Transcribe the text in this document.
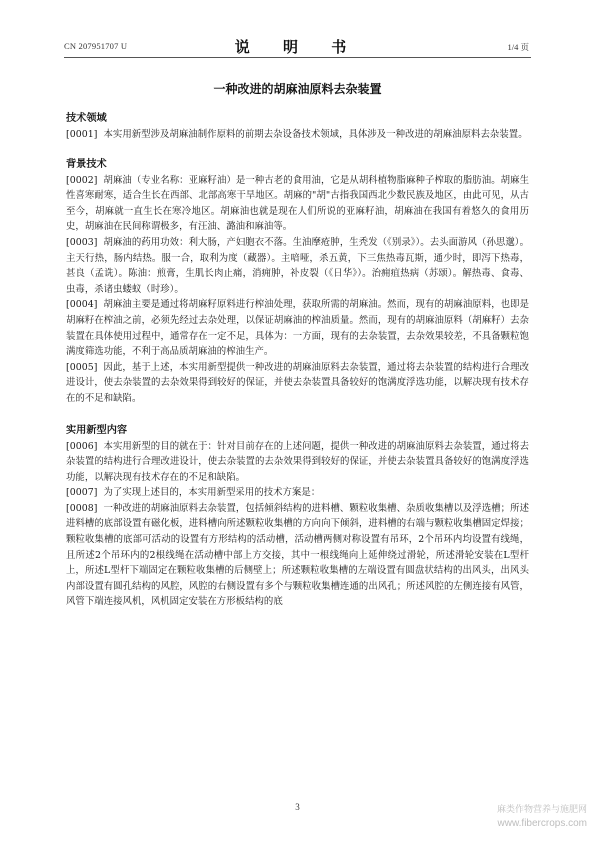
CN 207951707 U	说 明 书	1/4 页
一种改进的胡麻油原料去杂装置
技术领域

[0001] 本实用新型涉及胡麻油制作原料的前期去杂设备技术领域，具体涉及一种改进的胡麻油原料去杂装置。

背景技术

[0002] 胡麻油（专业名称：亚麻籽油）是一种古老的食用油，它是从胡科植物脂麻种子榨取的脂肪油。胡麻生性喜寒耐寒，适合生长在西部、北部高寒干旱地区。胡麻的"胡"古指我国西北少数民族及地区，由此可见，从古至今，胡麻就一直生长在寒冷地区。胡麻油也就是现在人们所说的亚麻籽油，胡麻油在我国有着悠久的食用历史，胡麻油在民间称谓极多，有汪油、潞油和麻油等。

[0003] 胡麻油的药用功效：利大肠，产妇胞衣不落。生油摩疮肿，生秃发（《别录》）。去头面游风（孙思邈）。主天行热，肠内结热。服一合，取利为度（藏器）。主喑哑，杀五黄，下三焦热毒瓦斯，通少时，即泻下热毒，甚良（孟诜）。陈油：煎膏，生肌长肉止痛，消痈肿，补皮裂（《日华》）。治痈疽热病（苏颂）。解热毒、食毒、虫毒，杀诸虫蝼蚁（时珍）。

[0004] 胡麻油主要是通过将胡麻籽原料进行榨油处理，获取所需的胡麻油。然而，现有的胡麻油原料，也即是胡麻籽在榨油之前，必须先经过去杂处理，以保证胡麻油的榨油质量。然而，现有的胡麻油原料（胡麻籽）去杂装置在具体使用过程中，通常存在一定不足，具体为：一方面，现有的去杂装置，去杂效果较差，不具备颗粒饱满度筛选功能，不利于高品质胡麻油的榨油生产。

[0005] 因此，基于上述，本实用新型提供一种改进的胡麻油原料去杂装置，通过将去杂装置的结构进行合理改进设计，使去杂装置的去杂效果得到较好的保证，并使去杂装置具备较好的饱满度浮选功能，以解决现有技术存在的不足和缺陷。

实用新型内容

[0006] 本实用新型的目的就在于：针对目前存在的上述问题，提供一种改进的胡麻油原料去杂装置，通过将去杂装置的结构进行合理改进设计，使去杂装置的去杂效果得到较好的保证，并使去杂装置具备较好的饱满度浮选功能，以解决现有技术存在的不足和缺陷。

[0007] 为了实现上述目的，本实用新型采用的技术方案是：

[0008] 一种改进的胡麻油原料去杂装置，包括倾斜结构的进料槽、颗粒收集槽、杂质收集槽以及浮选槽；所述进料槽的底部设置有磁化板，进料槽向所述颗粒收集槽的方向向下倾斜，进料槽的右端与颗粒收集槽固定焊接；颗粒收集槽的底部可活动的设置有方形结构的活动槽，活动槽两侧对称设置有吊环，2个吊环内均设置有线绳，且所述2个吊环内的2根线绳在活动槽中部上方交接，其中一根线绳向上延伸绕过滑轮，所述滑轮安装在L型杆上，所述L型杆下端固定在颗粒收集槽的后侧壁上；所述颗粒收集槽的左端设置有圆盘状结构的出风头，出风头内部设置有圆孔结构的风腔，风腔的右侧设置有多个与颗粒收集槽连通的出风孔；所述风腔的左侧连接有风管，风管下端连接风机，风机固定安装在方形板结构的底

3	麻类作物营养与施肥网
www.fibercrops.com
